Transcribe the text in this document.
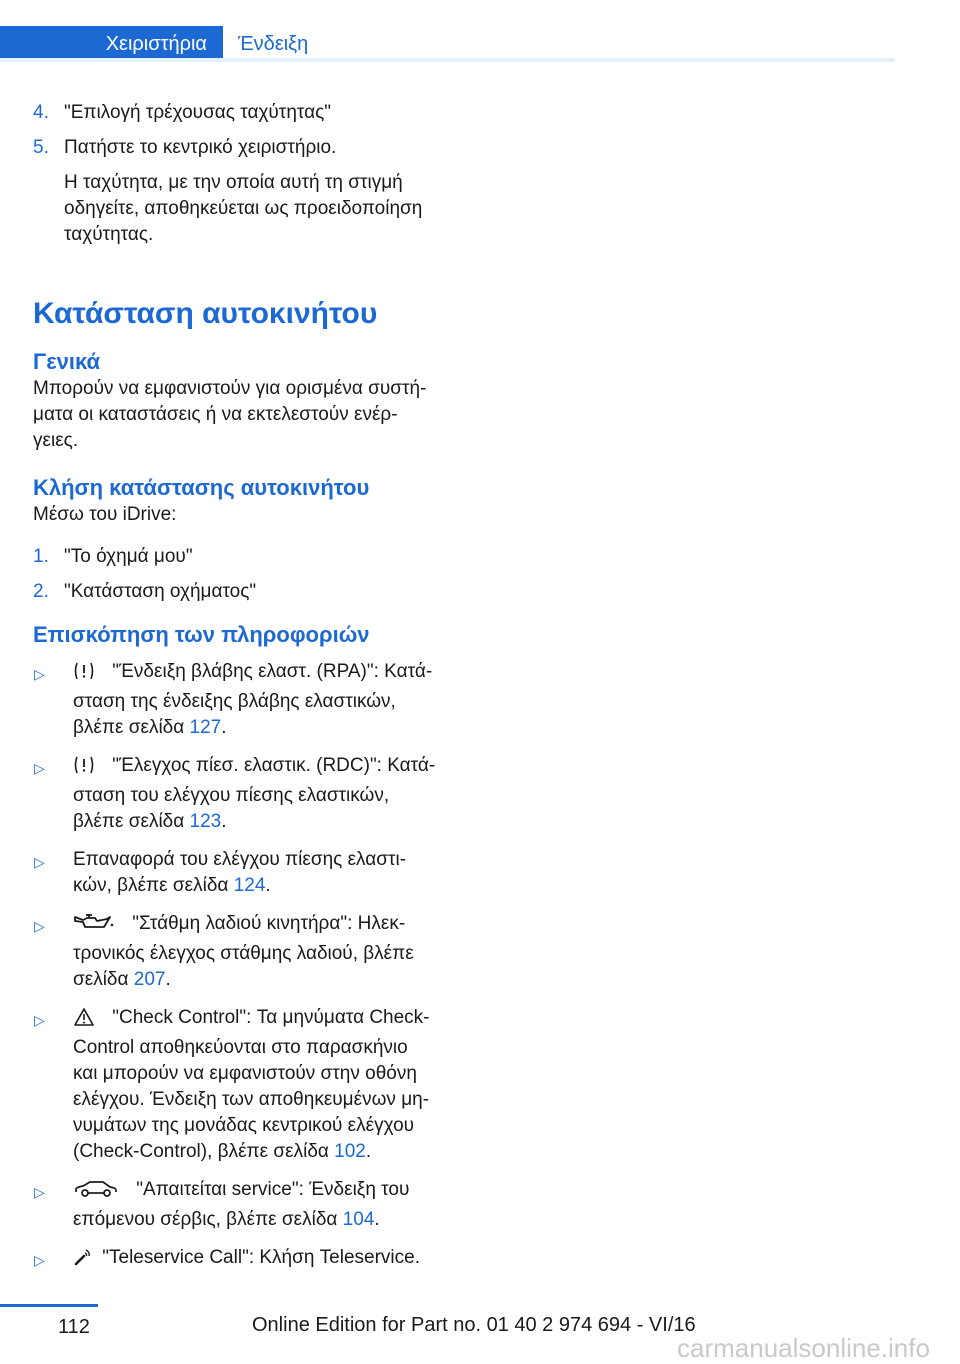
Χειριστήρια	Ένδειξη
4. "Επιλογή τρέχουσας ταχύτητας"
5. Πατήστε το κεντρικό χειριστήριο.
Η ταχύτητα, με την οποία αυτή τη στιγμή οδηγείτε, αποθηκεύεται ως προειδοποίηση ταχύτητας.
Κατάσταση αυτοκινήτου
Γενικά

Μπορούν να εμφανιστούν για ορισμένα συστή-
ματα οι καταστάσεις ή να εκτελεστούν ενέρ-
γειες.

Κλήση κατάστασης αυτοκινήτου

Μέσω του iDrive:

1. "Το όχημά μου"
2. "Κατάσταση οχήματος"
Επισκόπηση των πληροφοριών
▷	"Ένδειξη βλάβης ελαστ. (RPA)": Κατά-
σταση της ένδειξης βλάβης ελαστικών,
βλέπε σελίδα 127.
▷	"Έλεγχος πίεσ. ελαστικ. (RDC)": Κατά-
σταση του ελέγχου πίεσης ελαστικών,
βλέπε σελίδα 123.
▷ Επαναφορά του ελέγχου πίεσης ελαστι-
κών, βλέπε σελίδα 124.
▷	"Στάθμη λαδιού κινητήρα": Ηλεκ-
τρονικός έλεγχος στάθμης λαδιού, βλέπε
σελίδα 207.
▷	"Check Control": Τα μηνύματα Check-
Control αποθηκεύονται στο παρασκήνιο
και μπορούν να εμφανιστούν στην οθόνη
ελέγχου. Ένδειξη των αποθηκευμένων μη-
νυμάτων της μονάδας κεντρικού ελέγχου
(Check-Control), βλέπε σελίδα 102.
▷	"Απαιτείται service": Ένδειξη του
επόμενου σέρβις, βλέπε σελίδα 104.
▷	"Teleservice Call": Κλήση Teleservice.
112	Online Edition for Part no. 01 40 2 974 694 - VI/16
carmanualsonline.info
